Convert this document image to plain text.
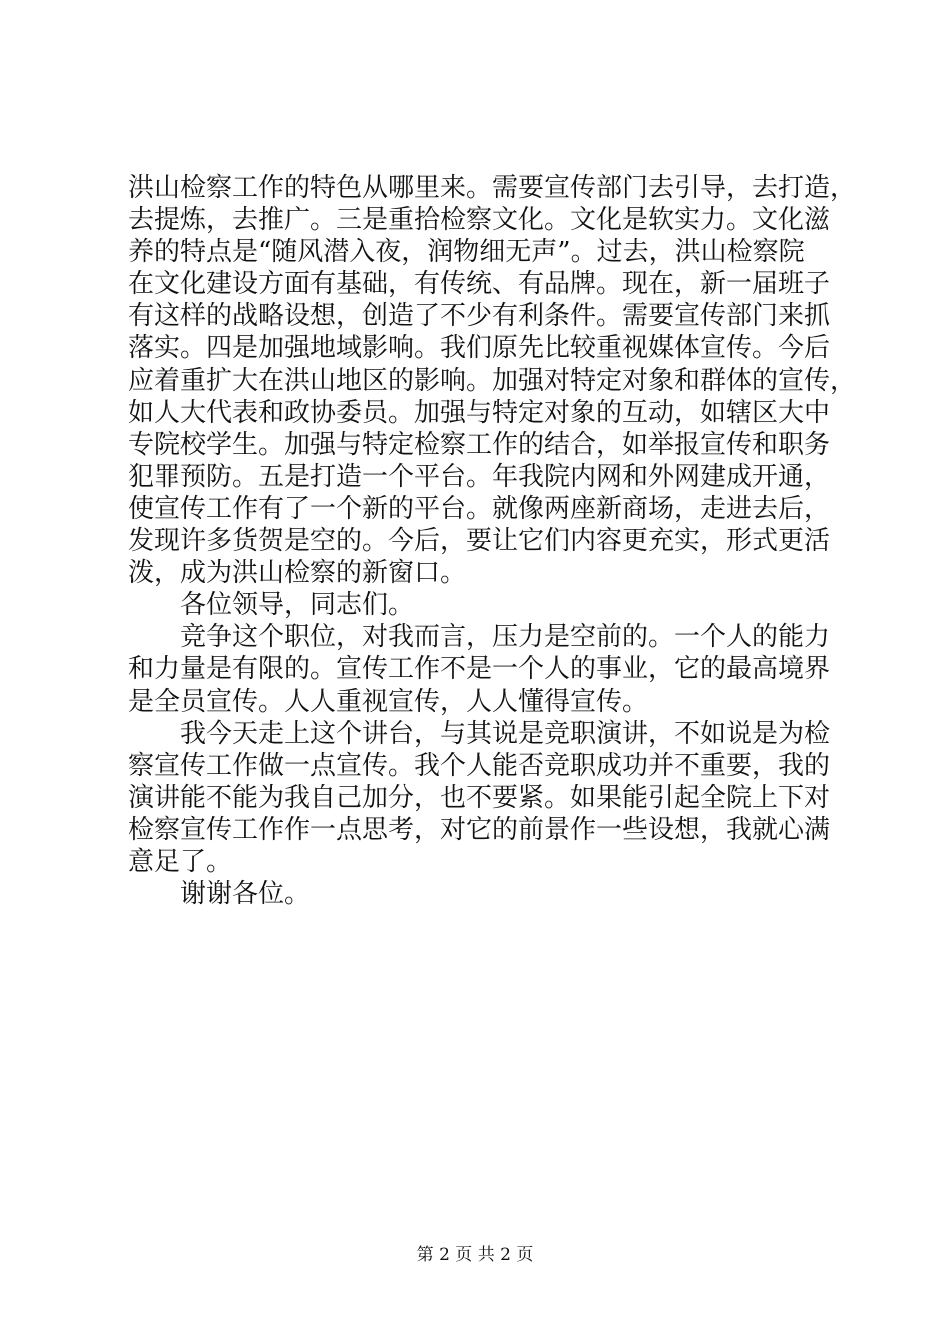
洪山检察工作的特色从哪里来。需要宣传部门去引导，去打造，
去提炼，去推广。三是重拾检察文化。文化是软实力。文化滋
养的特点是“随风潜入夜，润物细无声”。过去，洪山检察院
在文化建设方面有基础，有传统、有品牌。现在，新一届班子
有这样的战略设想，创造了不少有利条件。需要宣传部门来抓
落实。四是加强地域影响。我们原先比较重视媒体宣传。今后
应着重扩大在洪山地区的影响。加强对特定对象和群体的宣传，
如人大代表和政协委员。加强与特定对象的互动，如辖区大中
专院校学生。加强与特定检察工作的结合，如举报宣传和职务
犯罪预防。五是打造一个平台。年我院内网和外网建成开通，
使宣传工作有了一个新的平台。就像两座新商场，走进去后，
发现许多货贺是空的。今后，要让它们内容更充实，形式更活
泼，成为洪山检察的新窗口。
各位领导，同志们。
竞争这个职位，对我而言，压力是空前的。一个人的能力
和力量是有限的。宣传工作不是一个人的事业，它的最高境界
是全员宣传。人人重视宣传，人人懂得宣传。
我今天走上这个讲台，与其说是竞职演讲，不如说是为检
察宣传工作做一点宣传。我个人能否竞职成功并不重要，我的
演讲能不能为我自己加分，也不要紧。如果能引起全院上下对
检察宣传工作作一点思考，对它的前景作一些设想，我就心满
意足了。
谢谢各位。
第 2 页 共 2 页
